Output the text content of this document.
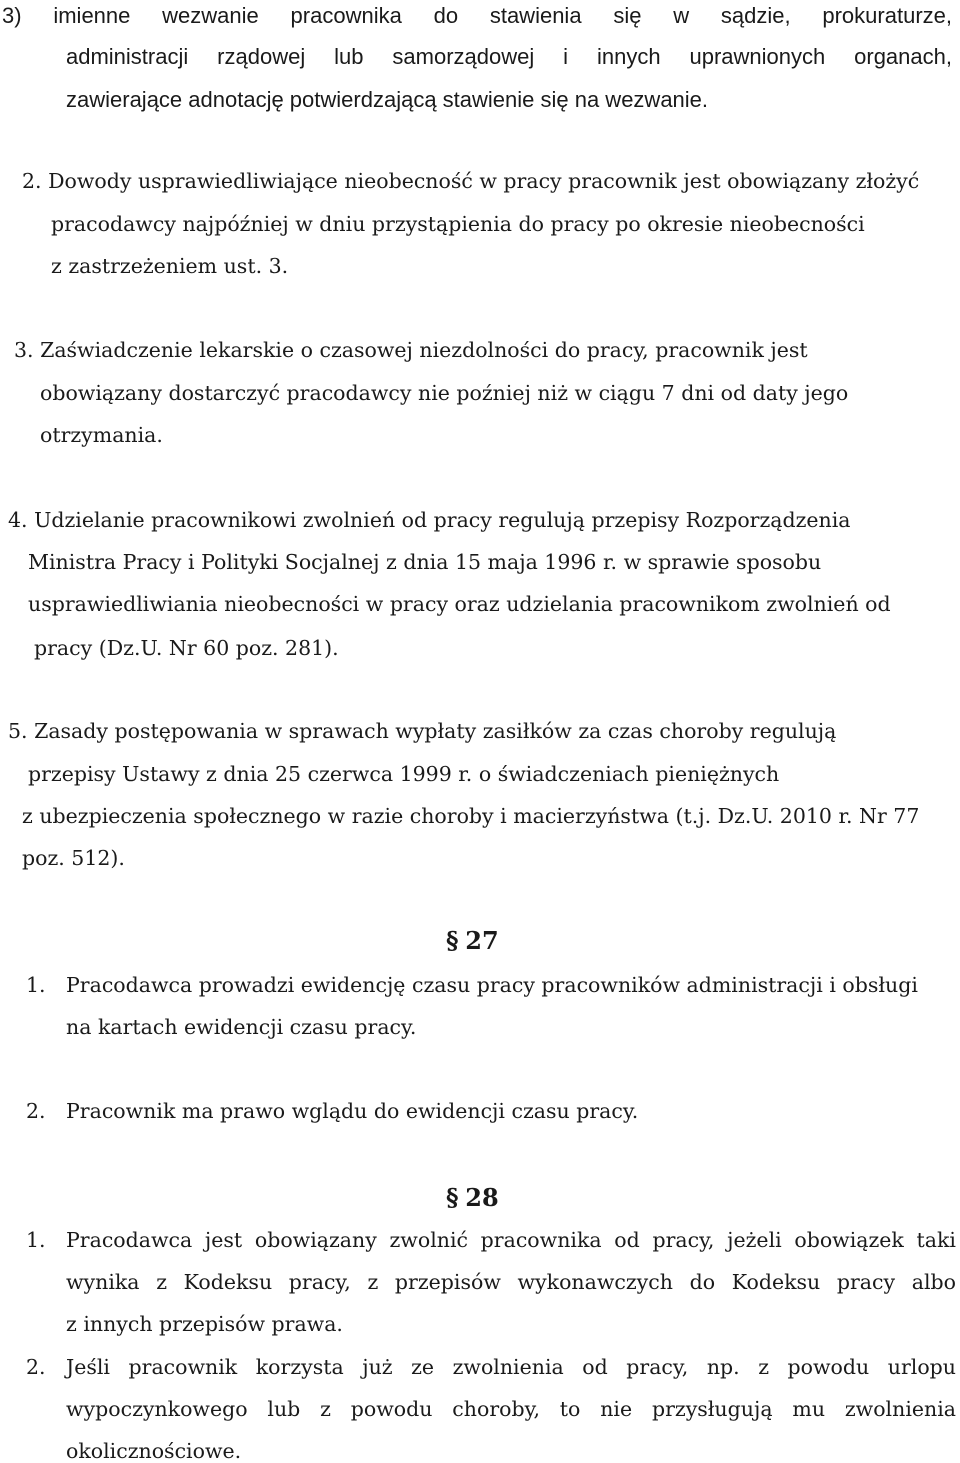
3) imienne wezwanie pracownika do stawienia się w sądzie, prokuraturze,
administracji rządowej lub samorządowej i innych uprawnionych organach,
zawierające adnotację potwierdzającą stawienie się na wezwanie.
2. Dowody usprawiedliwiające nieobecność w pracy pracownik jest obowiązany złożyć
pracodawcy najpóźniej w dniu przystąpienia do pracy po okresie nieobecności
z zastrzeżeniem ust. 3.
3. Zaświadczenie lekarskie o czasowej niezdolności do pracy, pracownik jest
obowiązany dostarczyć pracodawcy nie poźniej niż w ciągu 7 dni od daty jego
otrzymania.
4. Udzielanie pracownikowi zwolnień od pracy regulują przepisy Rozporządzenia
Ministra Pracy i Polityki Socjalnej z dnia 15 maja 1996 r. w sprawie sposobu
usprawiedliwiania nieobecności w pracy oraz udzielania pracownikom zwolnień od
pracy (Dz.U. Nr 60 poz. 281).
5. Zasady postępowania w sprawach wypłaty zasiłków za czas choroby regulują
przepisy Ustawy z dnia 25 czerwca 1999 r. o świadczeniach pieniężnych
z ubezpieczenia społecznego w razie choroby i macierzyństwa (t.j. Dz.U. 2010 r. Nr 77
poz. 512).
§ 27
1. Pracodawca prowadzi ewidencję czasu pracy pracowników administracji i obsługi
na kartach ewidencji czasu pracy.
2. Pracownik ma prawo wglądu do ewidencji czasu pracy.
§ 28
1. Pracodawca jest obowiązany zwolnić pracownika od pracy, jeżeli obowiązek taki
wynika z Kodeksu pracy, z przepisów wykonawczych do Kodeksu pracy albo
z innych przepisów prawa.
2. Jeśli pracownik korzysta już ze zwolnienia od pracy, np. z powodu urlopu
wypoczynkowego lub z powodu choroby, to nie przysługują mu zwolnienia
okolicznościowe.
